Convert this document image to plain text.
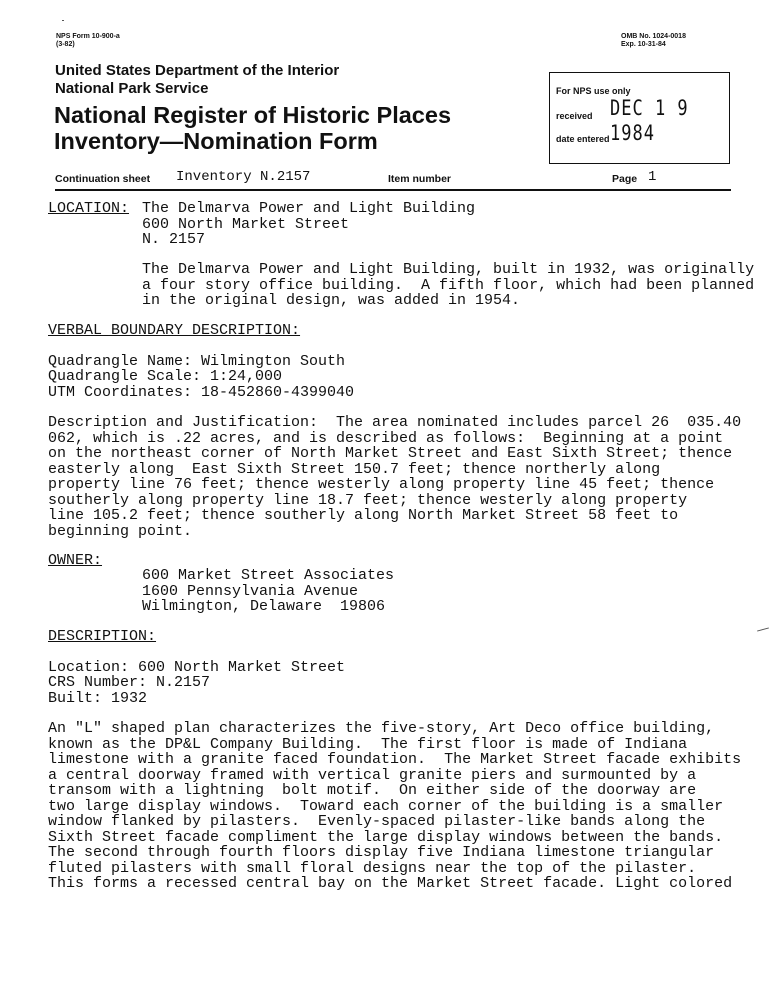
NPS Form 10-900-a
(3-82)
OMB No. 1024-0018
Exp. 10-31-84
United States Department of the Interior
National Park Service
National Register of Historic Places
Inventory—Nomination Form
For NPS use only
received DEC 1 9 1984
date entered
Continuation sheet Inventory N.2157	Item number	Page 1
LOCATION: The Delmarva Power and Light Building
600 North Market Street
N. 2157
The Delmarva Power and Light Building, built in 1932, was originally
a four story office building.  A fifth floor, which had been planned
in the original design, was added in 1954.
VERBAL BOUNDARY DESCRIPTION:
Quadrangle Name: Wilmington South
Quadrangle Scale: 1:24,000
UTM Coordinates: 18-452860-4399040
Description and Justification:  The area nominated includes parcel 26  035.40
062, which is .22 acres, and is described as follows:  Beginning at a point
on the northeast corner of North Market Street and East Sixth Street; thence
easterly along  East Sixth Street 150.7 feet; thence northerly along
property line 76 feet; thence westerly along property line 45 feet; thence
southerly along property line 18.7 feet; thence westerly along property
line 105.2 feet; thence southerly along North Market Street 58 feet to
beginning point.
OWNER:
600 Market Street Associates
1600 Pennsylvania Avenue
Wilmington, Delaware  19806
DESCRIPTION:
Location: 600 North Market Street
CRS Number: N.2157
Built: 1932
An "L" shaped plan characterizes the five-story, Art Deco office building,
known as the DP&L Company Building.  The first floor is made of Indiana
limestone with a granite faced foundation.  The Market Street facade exhibits
a central doorway framed with vertical granite piers and surmounted by a
transom with a lightning  bolt motif.  On either side of the doorway are
two large display windows.  Toward each corner of the building is a smaller
window flanked by pilasters.  Evenly-spaced pilaster-like bands along the
Sixth Street facade compliment the large display windows between the bands.
The second through fourth floors display five Indiana limestone triangular
fluted pilasters with small floral designs near the top of the pilaster.
This forms a recessed central bay on the Market Street facade. Light colored
